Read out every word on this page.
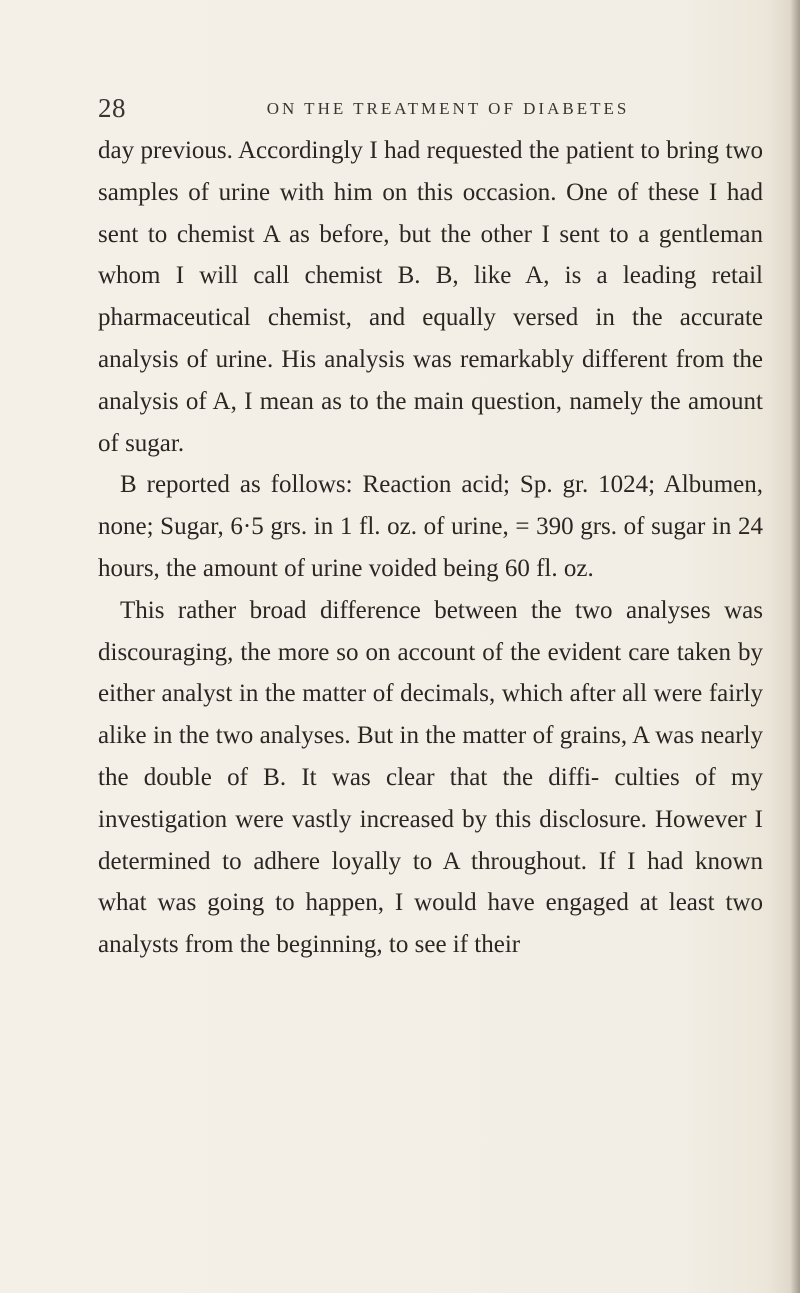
28	ON THE TREATMENT OF DIABETES

day previous. Accordingly I had requested the patient to bring two samples of urine with him on this occasion. One of these I had sent to chemist A as before, but the other I sent to a gentleman whom I will call chemist B. B, like A, is a leading retail pharmaceutical chemist, and equally versed in the accurate analysis of urine. His analysis was remarkably different from the analysis of A, I mean as to the main question, namely the amount of sugar.

B reported as follows: Reaction acid; Sp. gr. 1024; Albumen, none; Sugar, 6·5 grs. in 1 fl. oz. of urine, = 390 grs. of sugar in 24 hours, the amount of urine voided being 60 fl. oz.

This rather broad difference between the two analyses was discouraging, the more so on account of the evident care taken by either analyst in the matter of decimals, which after all were fairly alike in the two analyses. But in the matter of grains, A was nearly the double of B. It was clear that the diffi- culties of my investigation were vastly increased by this disclosure. However I determined to adhere loyally to A throughout. If I had known what was going to happen, I would have engaged at least two analysts from the beginning, to see if their
